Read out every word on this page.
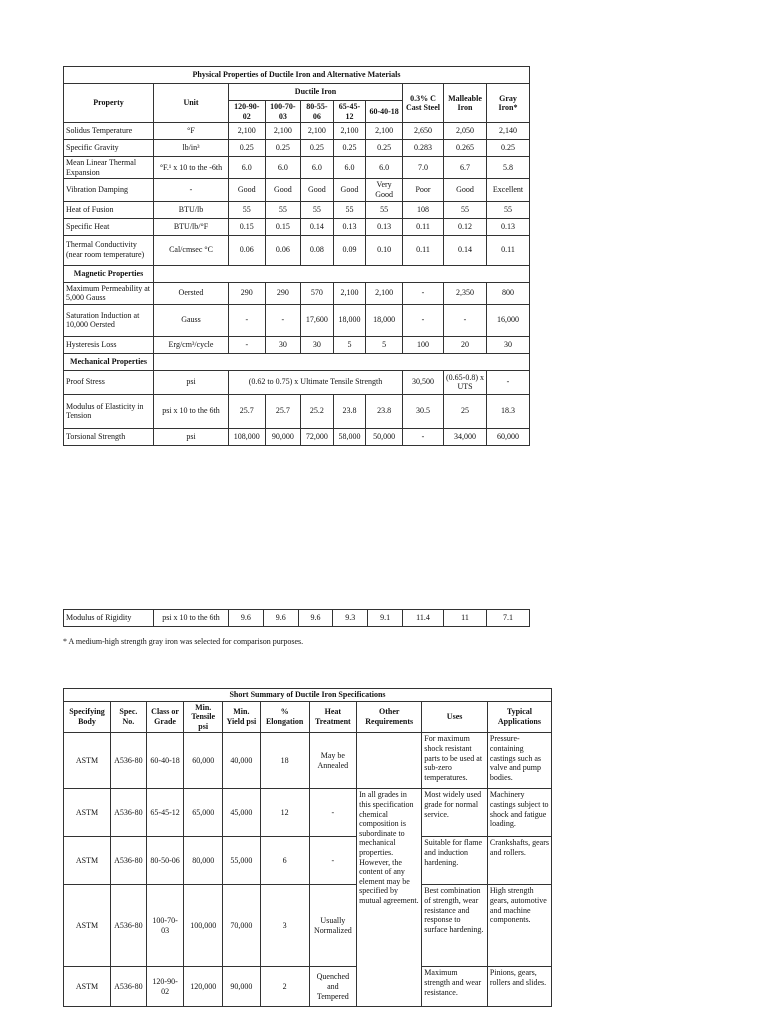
Physical Properties of Ductile Iron and Alternative Materials									
Property	Unit	Ductile Iron					0.3% C Cast Steel	Malleable Iron	Gray Iron*
		120-90-02	100-70-03	80-55-06	65-45-12	60-40-18			
Solidus Temperature	°F	2,100	2,100	2,100	2,100	2,100	2,650	2,050	2,140
Specific Gravity	lb/in³	0.25	0.25	0.25	0.25	0.25	0.283	0.265	0.25
Mean Linear Thermal Expansion	°F.¹ x 10 to the -6th	6.0	6.0	6.0	6.0	6.0	7.0	6.7	5.8
Vibration Damping	-	Good	Good	Good	Good	Very Good	Poor	Good	Excellent
Heat of Fusion	BTU/lb	55	55	55	55	55	108	55	55
Specific Heat	BTU/lb/°F	0.15	0.15	0.14	0.13	0.13	0.11	0.12	0.13
Thermal Conductivity (near room temperature)	Cal/cmsec °C	0.06	0.06	0.08	0.09	0.10	0.11	0.14	0.11
Magnetic Properties									
Maximum Permeability at 5,000 Gauss	Oersted	290	290	570	2,100	2,100	-	2,350	800
Saturation Induction at 10,000 Oersted	Gauss	-	-	17,600	18,000	18,000	-	-	16,000
Hysteresis Loss	Erg/cm³/cycle	-	30	30	5	5	100	20	30
Mechanical Properties									
Proof Stress	psi	(0.62 to 0.75) x Ultimate Tensile Strength					30,500	(0.65-0.8) x UTS	-
Modulus of Elasticity in Tension	psi x 10 to the 6th	25.7	25.7	25.2	23.8	23.8	30.5	25	18.3
Torsional Strength	psi	108,000	90,000	72,000	58,000	50,000	-	34,000	60,000
Modulus of Rigidity	psi x 10 to the 6th	9.6	9.6	9.6	9.3	9.1	11.4	11	7.1
* A medium-high strength gray iron was selected for comparison purposes.
Short Summary of Ductile Iron Specifications									
Specifying Body	Spec. No.	Class or Grade	Min. Tensile psi	Min. Yield psi	% Elongation	Heat Treatment	Other Requirements	Uses	Typical Applications
ASTM	A536-80	60-40-18	60,000	40,000	18	May be Annealed		For maximum shock resistant parts to be used at sub-zero temperatures.	Pressure-containing castings such as valve and pump bodies.
ASTM	A536-80	65-45-12	65,000	45,000	12	-	In all grades in this specification chemical composition is subordinate to mechanical properties. However, the content of any element may be specified by mutual agreement.	Most widely used grade for normal service.	Machinery castings subject to shock and fatigue loading.
ASTM	A536-80	80-50-06	80,000	55,000	6	-		Suitable for flame and induction hardening.	Crankshafts, gears and rollers.
ASTM	A536-80	100-70-03	100,000	70,000	3	Usually Normalized		Best combination of strength, wear resistance and response to surface hardening.	High strength gears, automotive and machine components.
ASTM	A536-80	120-90-02	120,000	90,000	2	Quenched and Tempered		Maximum strength and wear resistance.	Pinions, gears, rollers and slides.
